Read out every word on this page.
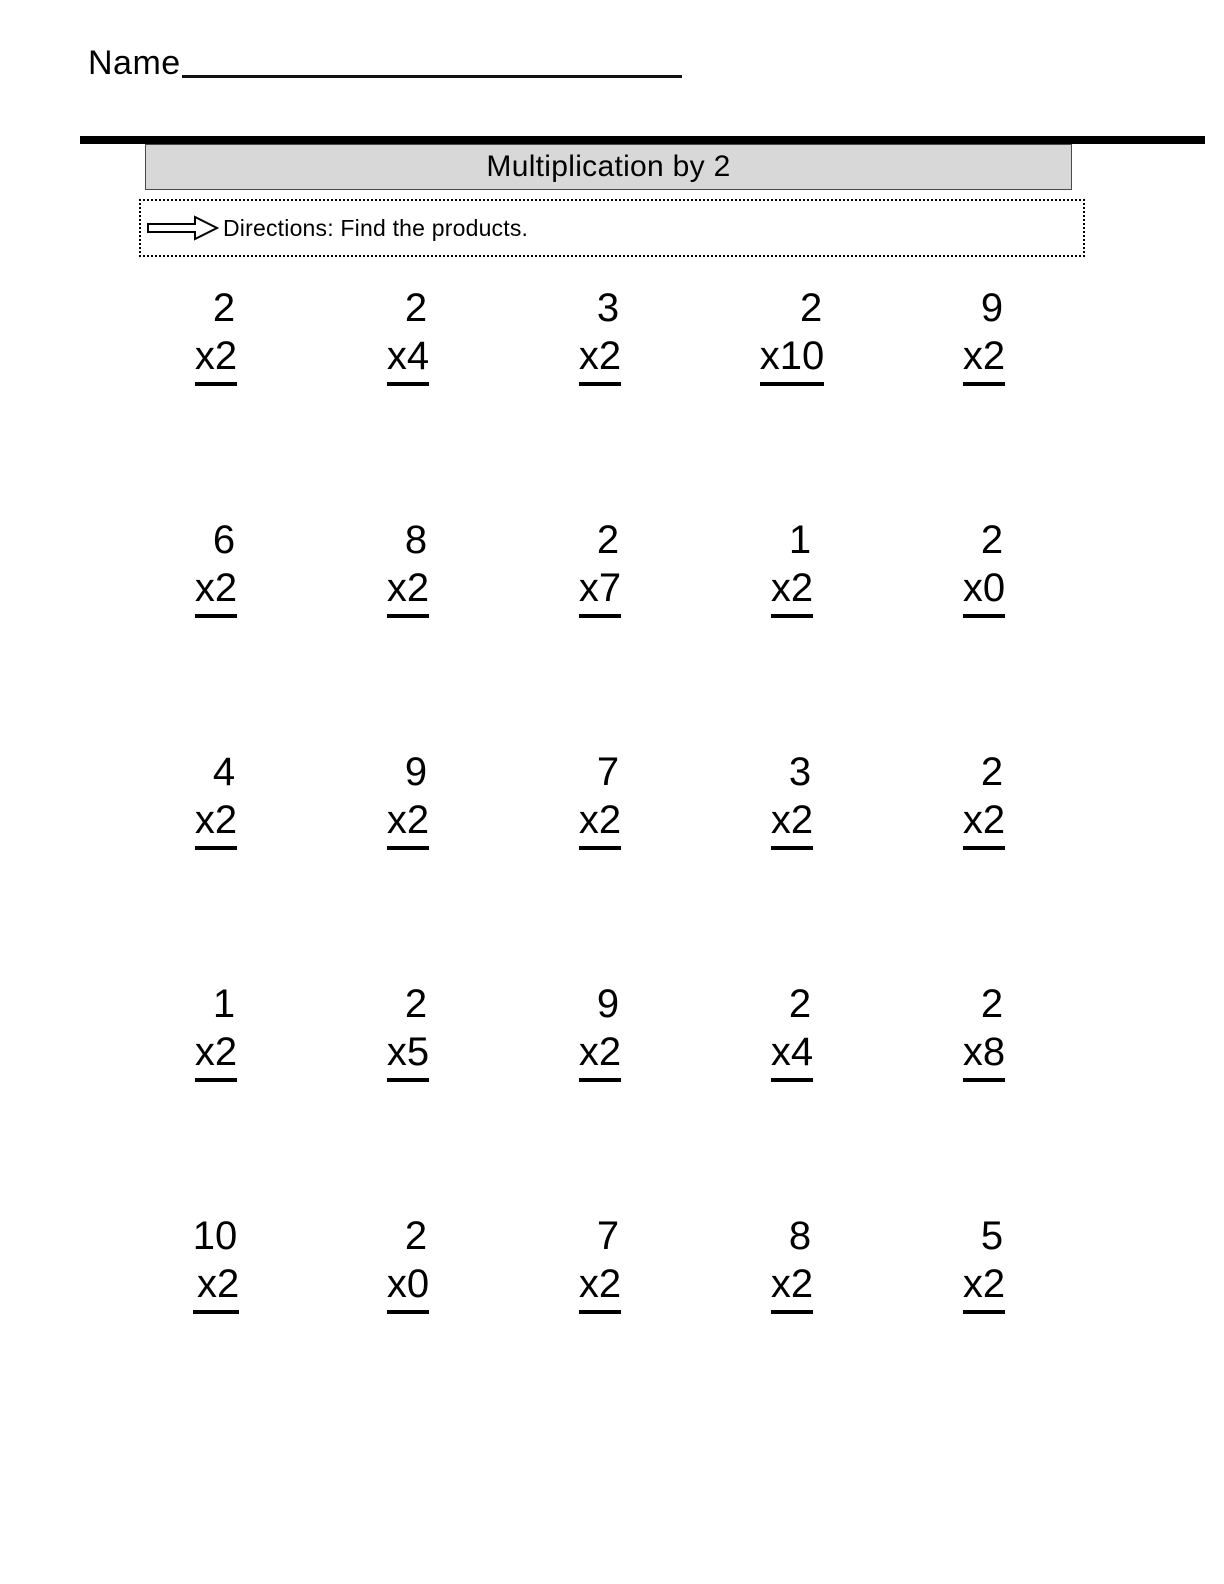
Name
Multiplication by 2
Directions: Find the products.
2
x2
2
x4
3
x2
2
x10
9
x2
6
x2
8
x2
2
x7
1
x2
2
x0
4
x2
9
x2
7
x2
3
x2
2
x2
1
x2
2
x5
9
x2
2
x4
2
x8
10
x2
2
x0
7
x2
8
x2
5
x2
